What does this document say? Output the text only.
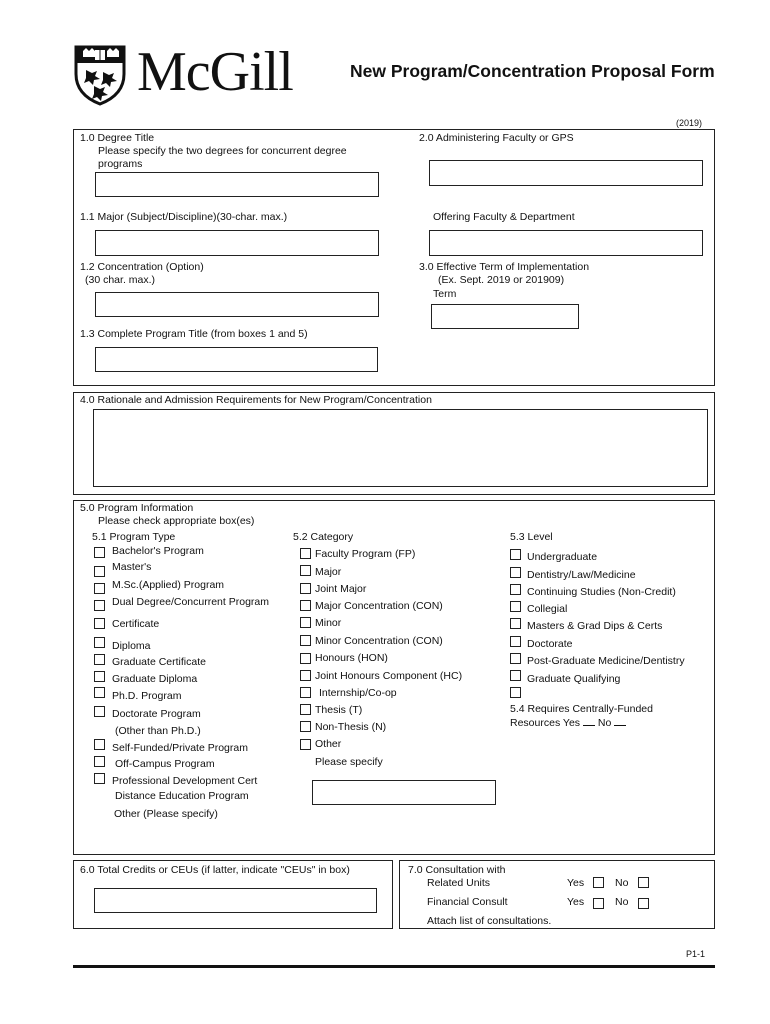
McGill	New Program/Concentration Proposal Form
(2019)
1.0 Degree Title
Please specify the two degrees for concurrent degree
programs
2.0 Administering Faculty or GPS
1.1 Major (Subject/Discipline)(30-char. max.)	Offering Faculty & Department
1.2 Concentration (Option)
(30 char. max.)
3.0 Effective Term of Implementation
(Ex. Sept. 2019 or 201909)
Term
1.3 Complete Program Title (from boxes 1 and 5)
4.0 Rationale and Admission Requirements for New Program/Concentration
5.0 Program Information
Please check appropriate box(es)
5.1 Program Type	5.2 Category	5.3 Level
Bachelor's Program
Master's
M.Sc.(Applied) Program
Dual Degree/Concurrent Program
Certificate
Diploma
Graduate Certificate
Graduate Diploma
Ph.D. Program
Doctorate Program
(Other than Ph.D.)
Self-Funded/Private Program
Off-Campus Program
Professional Development Cert
Distance Education Program
Other (Please specify)
Faculty Program (FP)
Major
Joint Major
Major Concentration (CON)
Minor
Minor Concentration (CON)
Honours (HON)
Joint Honours Component (HC)
Internship/Co-op
Thesis (T)
Non-Thesis (N)
Other
Please specify
Undergraduate
Dentistry/Law/Medicine
Continuing Studies (Non-Credit)
Collegial
Masters & Grad Dips & Certs
Doctorate
Post-Graduate Medicine/Dentistry
Graduate Qualifying
5.4 Requires Centrally-Funded
Resources Yes No
6.0 Total Credits or CEUs (if latter, indicate "CEUs" in box)	7.0 Consultation with
Related Units	Yes	No
Financial Consult	Yes	No
Attach list of consultations.
P1-1
